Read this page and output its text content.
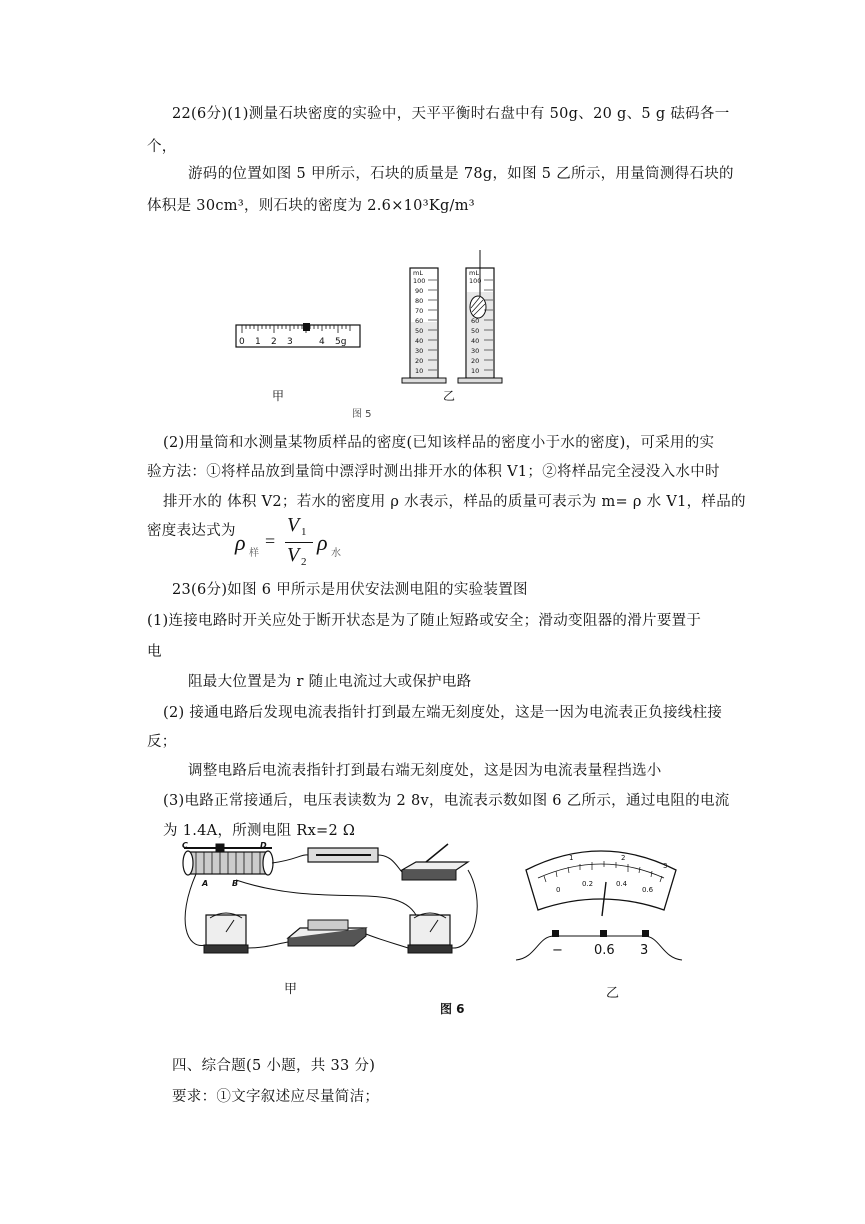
22(6分)(1)测量石块密度的实验中，天平平衡时右盘中有 50g、20 g、5 g 砝码各一
个，
游码的位置如图 5 甲所示，石块的质量是 78g，如图 5 乙所示，用量筒测得石块的
体积是 30cm³，则石块的密度为 2.6×10³Kg/m³
0 1 2 3	4 5g
mL
100
90
80
70
60
50
40
30
20
10
mL
100
60
50
40
30
20
10
甲	乙
图 5
(2)用量筒和水测量某物质样品的密度(已知该样品的密度小于水的密度)，可采用的实
验方法：①将样品放到量筒中漂浮时测出排开水的体积 V1；②将样品完全浸没入水中时
排开水的 体积 V2；若水的密度用 ρ 水表示，样品的质量可表示为 m= ρ 水 V1，样品的
密度表达式为 ρ 样
=
V 1
V 2
ρ 水
23(6分)如图 6 甲所示是用伏安法测电阻的实验装置图
(1)连接电路时开关应处于断开状态是为了随止短路或安全；滑动变阻器的滑片要置于
电
阻最大位置是为 r 随止电流过大或保护电路
(2) 接通电路后发现电流表指针打到最左端无刻度处，这是一因为电流表正负接线柱接
反；
调整电路后电流表指针打到最右端无刻度处，这是因为电流表量程挡选小
(3)电路正常接通后，电压表读数为 2 8v，电流表示数如图 6 乙所示，通过电阻的电流
为 1.4A，所测电阻 Rx=2 Ω
C	D
A	B
1	2
3
0
0.2	0.4
0.6
− 0.6 3
甲	乙
图 6
四、综合题(5 小题，共 33 分)
要求：①文字叙述应尽量简洁；
